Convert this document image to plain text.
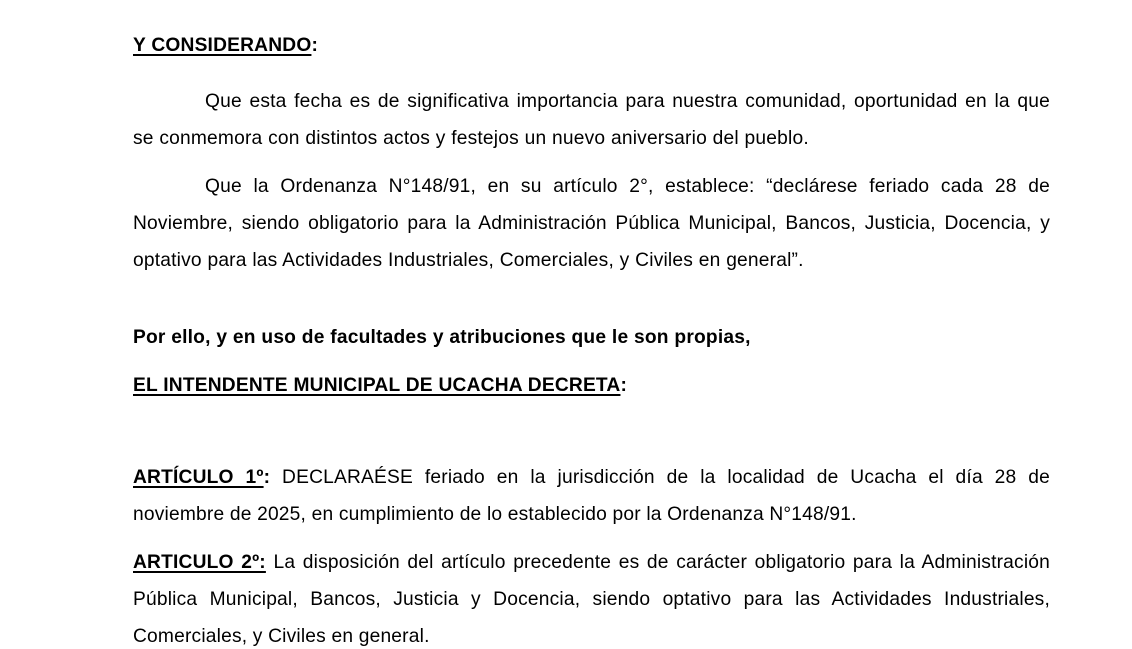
Y CONSIDERANDO:

Que esta fecha es de significativa importancia para nuestra comunidad, oportunidad en la que se conmemora con distintos actos y festejos un nuevo aniversario del pueblo.

Que la Ordenanza N°148/91, en su artículo 2°, establece: “declárese feriado cada 28 de Noviembre, siendo obligatorio para la Administración Pública Municipal, Bancos, Justicia, Docencia, y optativo para las Actividades Industriales, Comerciales, y Civiles en general”.

Por ello, y en uso de facultades y atribuciones que le son propias,

EL INTENDENTE MUNICIPAL DE UCACHA DECRETA:

ARTÍCULO 1º: DECLARAÉSE feriado en la jurisdicción de la localidad de Ucacha el día 28 de noviembre de 2025, en cumplimiento de lo establecido por la Ordenanza N°148/91.

ARTICULO 2º: La disposición del artículo precedente es de carácter obligatorio para la Administración Pública Municipal, Bancos, Justicia y Docencia, siendo optativo para las Actividades Industriales, Comerciales, y Civiles en general.
